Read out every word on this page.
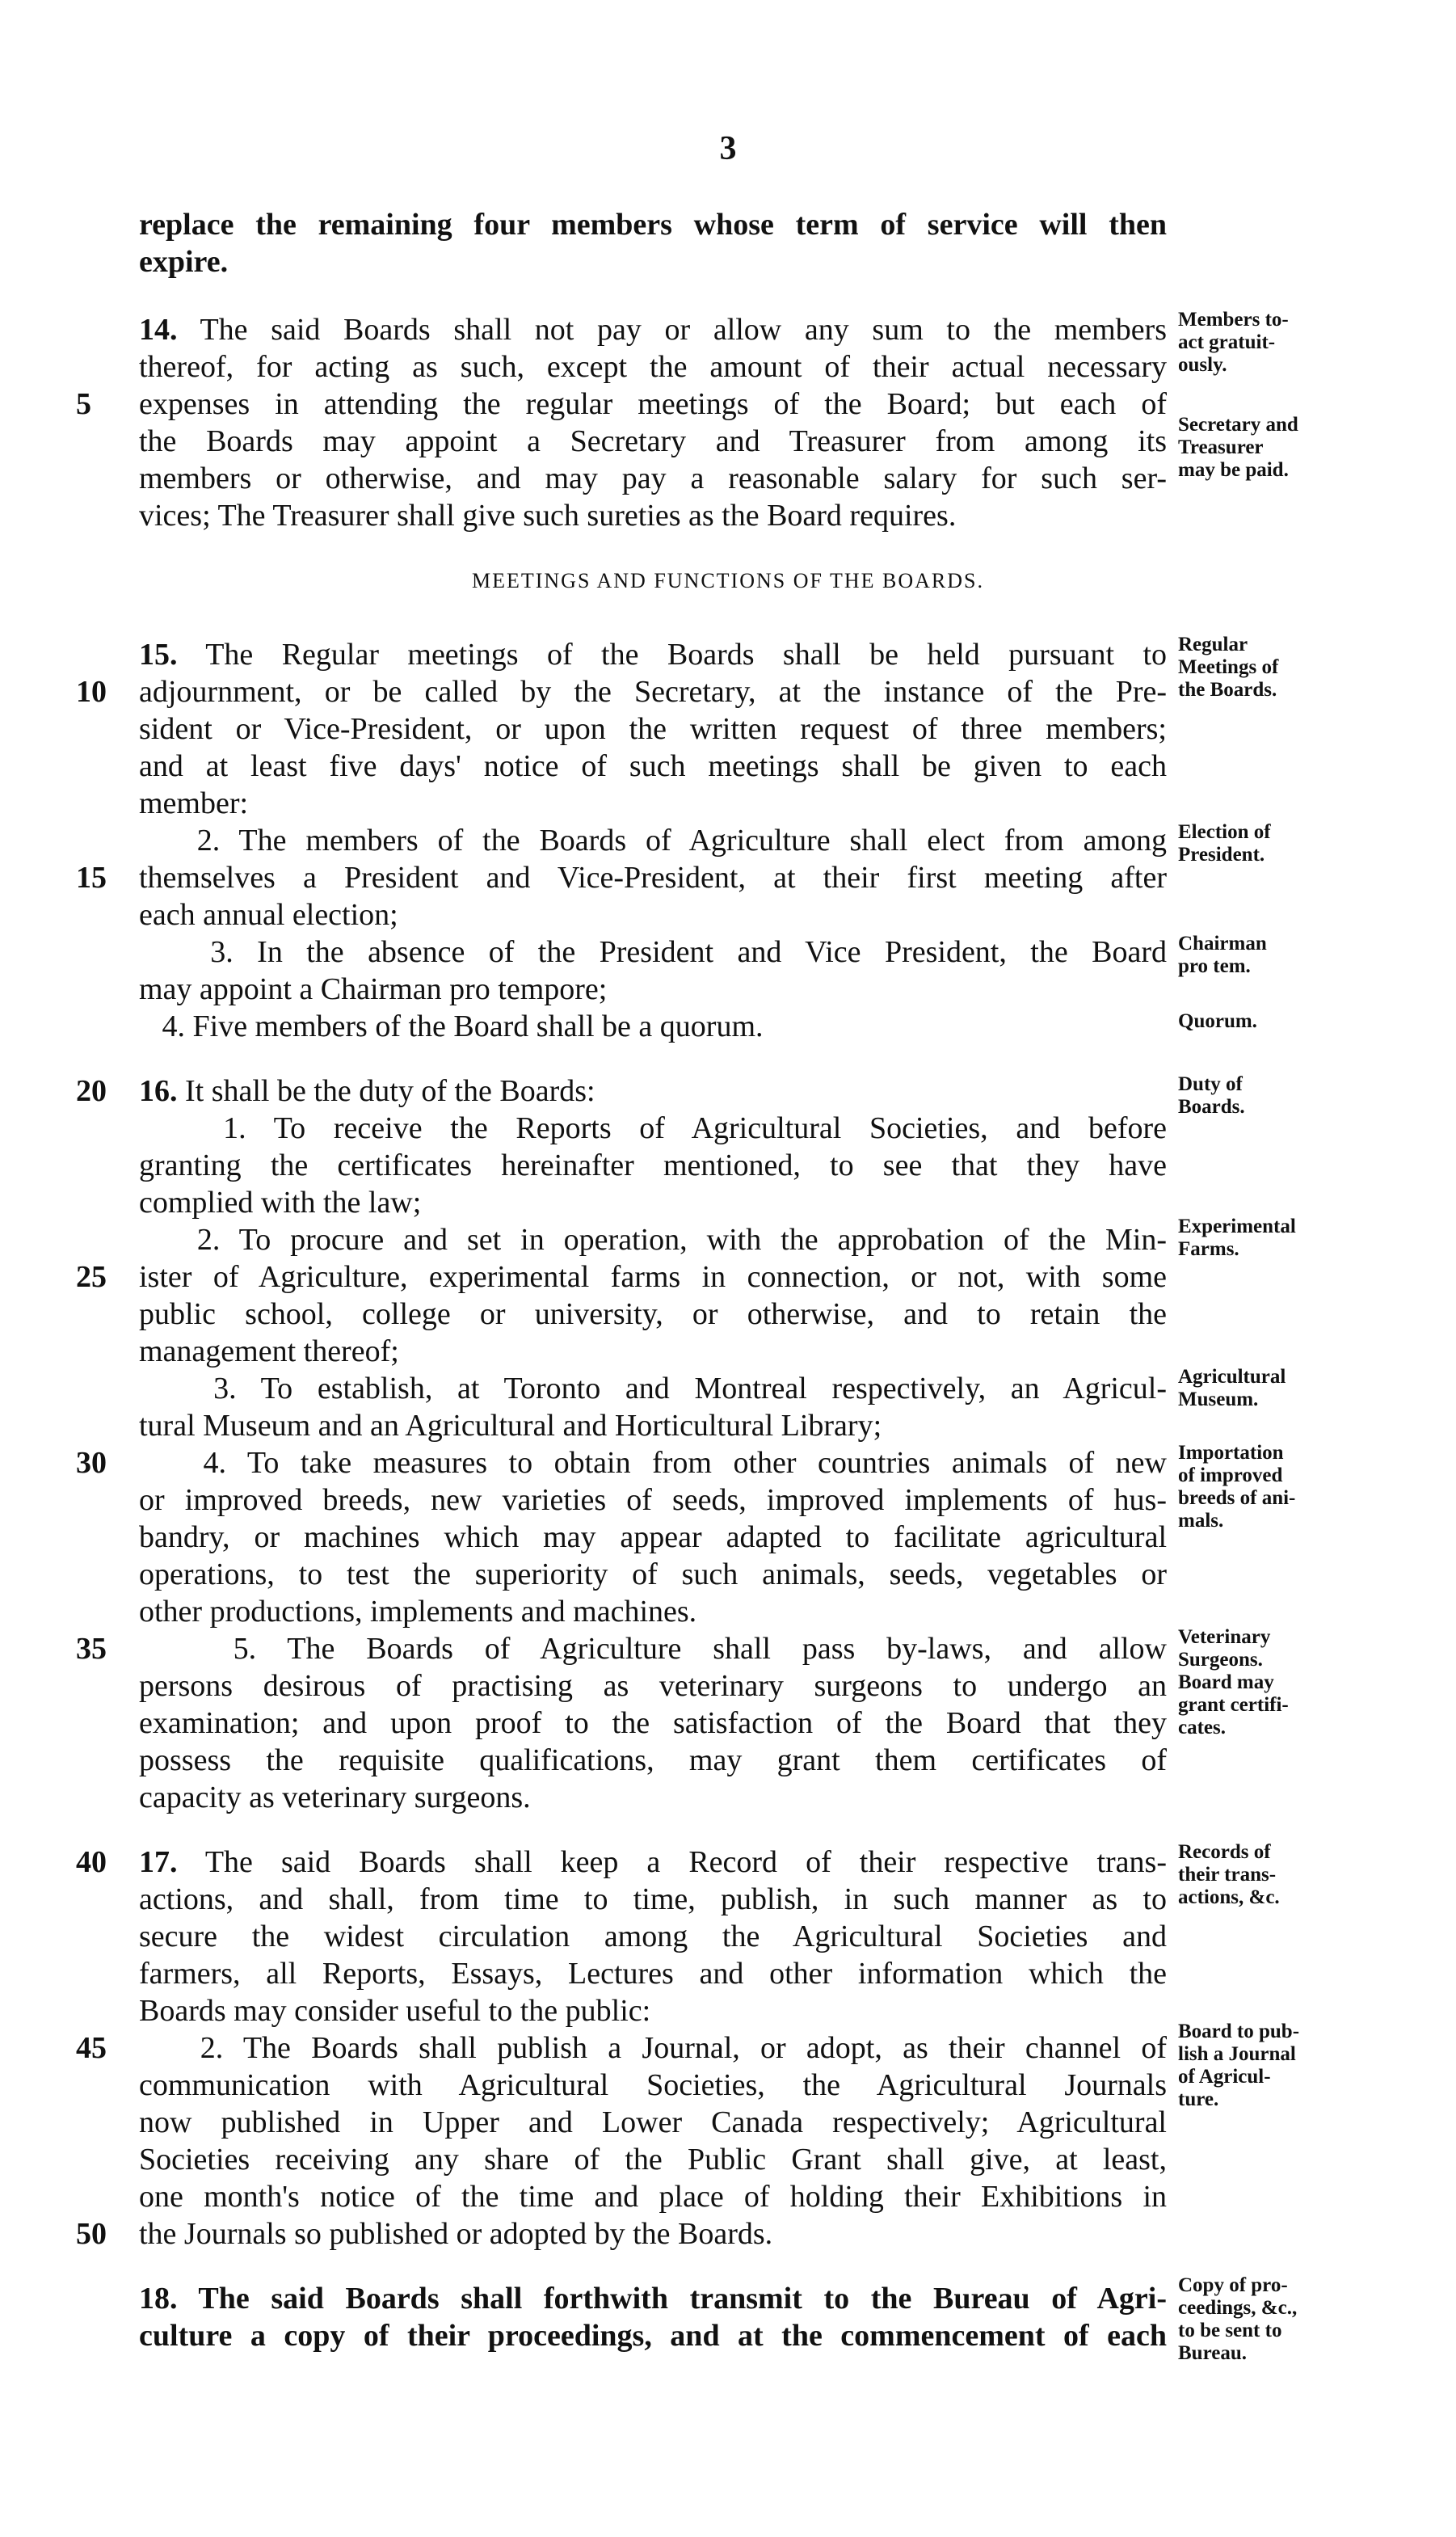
3
MEETINGS AND FUNCTIONS OF THE BOARDS.
replace the remaining four members whose term of service will then
expire.
14. The said Boards shall not pay or allow any sum to the members
thereof, for acting as such, except the amount of their actual necessary
expenses in attending the regular meetings of the Board; but each of
the Boards may appoint a Secretary and Treasurer from among its
members or otherwise, and may pay a reasonable salary for such ser-
vices; The Treasurer shall give such sureties as the Board requires.
15. The Regular meetings of the Boards shall be held pursuant to
adjournment, or be called by the Secretary, at the instance of the Pre-
sident or Vice-President, or upon the written request of three members;
and at least five days' notice of such meetings shall be given to each
member:
2. The members of the Boards of Agriculture shall elect from among
themselves a President and Vice-President, at their first meeting after
each annual election;
3. In the absence of the President and Vice President, the Board
may appoint a Chairman pro tempore;
4. Five members of the Board shall be a quorum.
16. It shall be the duty of the Boards:
1. To receive the Reports of Agricultural Societies, and before
granting the certificates hereinafter mentioned, to see that they have
complied with the law;
2. To procure and set in operation, with the approbation of the Min-
ister of Agriculture, experimental farms in connection, or not, with some
public school, college or university, or otherwise, and to retain the
management thereof;
3. To establish, at Toronto and Montreal respectively, an Agricul-
tural Museum and an Agricultural and Horticultural Library;
4. To take measures to obtain from other countries animals of new
or improved breeds, new varieties of seeds, improved implements of hus-
bandry, or machines which may appear adapted to facilitate agricultural
operations, to test the superiority of such animals, seeds, vegetables or
other productions, implements and machines.
5. The Boards of Agriculture shall pass by-laws, and allow
persons desirous of practising as veterinary surgeons to undergo an
examination; and upon proof to the satisfaction of the Board that they
possess the requisite qualifications, may grant them certificates of
capacity as veterinary surgeons.
17. The said Boards shall keep a Record of their respective trans-
actions, and shall, from time to time, publish, in such manner as to
secure the widest circulation among the Agricultural Societies and
farmers, all Reports, Essays, Lectures and other information which the
Boards may consider useful to the public:
2. The Boards shall publish a Journal, or adopt, as their channel of
communication with Agricultural Societies, the Agricultural Journals
now published in Upper and Lower Canada respectively; Agricultural
Societies receiving any share of the Public Grant shall give, at least,
one month's notice of the time and place of holding their Exhibitions in
the Journals so published or adopted by the Boards.
18. The said Boards shall forthwith transmit to the Bureau of Agri-
culture a copy of their proceedings, and at the commencement of each
5
10
15
20
25
30
35
40
45
50
Members to-
act gratuit-
ously.
Secretary and
Treasurer
may be paid.
Regular
Meetings of
the Boards.
Election of
President.
Chairman
pro tem.
Quorum.
Duty of
Boards.
Experimental
Farms.
Agricultural
Museum.
Importation
of improved
breeds of ani-
mals.
Veterinary
Surgeons.
Board may
grant certifi-
cates.
Records of
their trans-
actions, &c.
Board to pub-
lish a Journal
of Agricul-
ture.
Copy of pro-
ceedings, &c.,
to be sent to
Bureau.
